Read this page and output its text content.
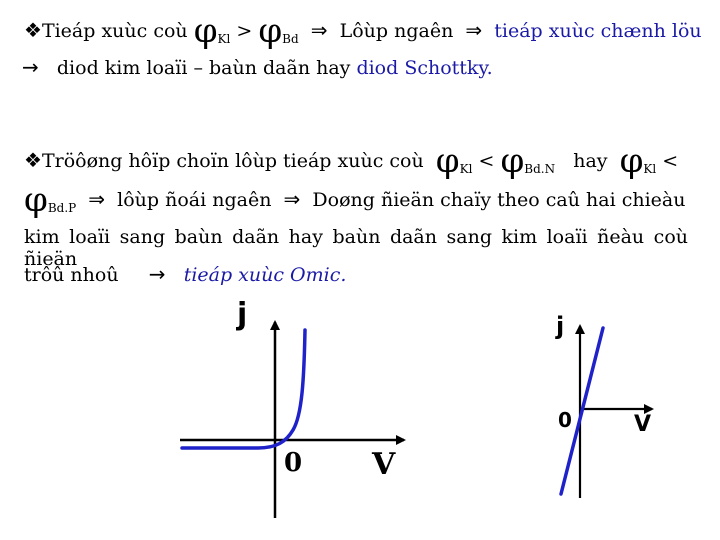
❖ Tieáp xuùc coù $\varphi_{Kl} > \varphi_{Bd}$ ⇒ Lôùp ngaên ⇒ tieáp xuùc chænh löu
→ diod kim loaïi – baùn daãn hay diod Schottky.
❖ Tröôøng hôïp choïn lôùp tieáp xuùc coù $\varphi_{Kl} < \varphi_{Bd.N}$ hay $\varphi_{Kl}$ <
$\varphi_{Bd.P}$ ⇒ lôùp ñoái ngaên ⇒ Doøng ñieän chaïy theo caû hai chieàu
kim loaïi sang baùn daãn hay baùn daãn sang kim loaïi ñeàu coù ñieän
trôû nhoû → tieáp xuùc Omic.
j
0 V
j
0	V
